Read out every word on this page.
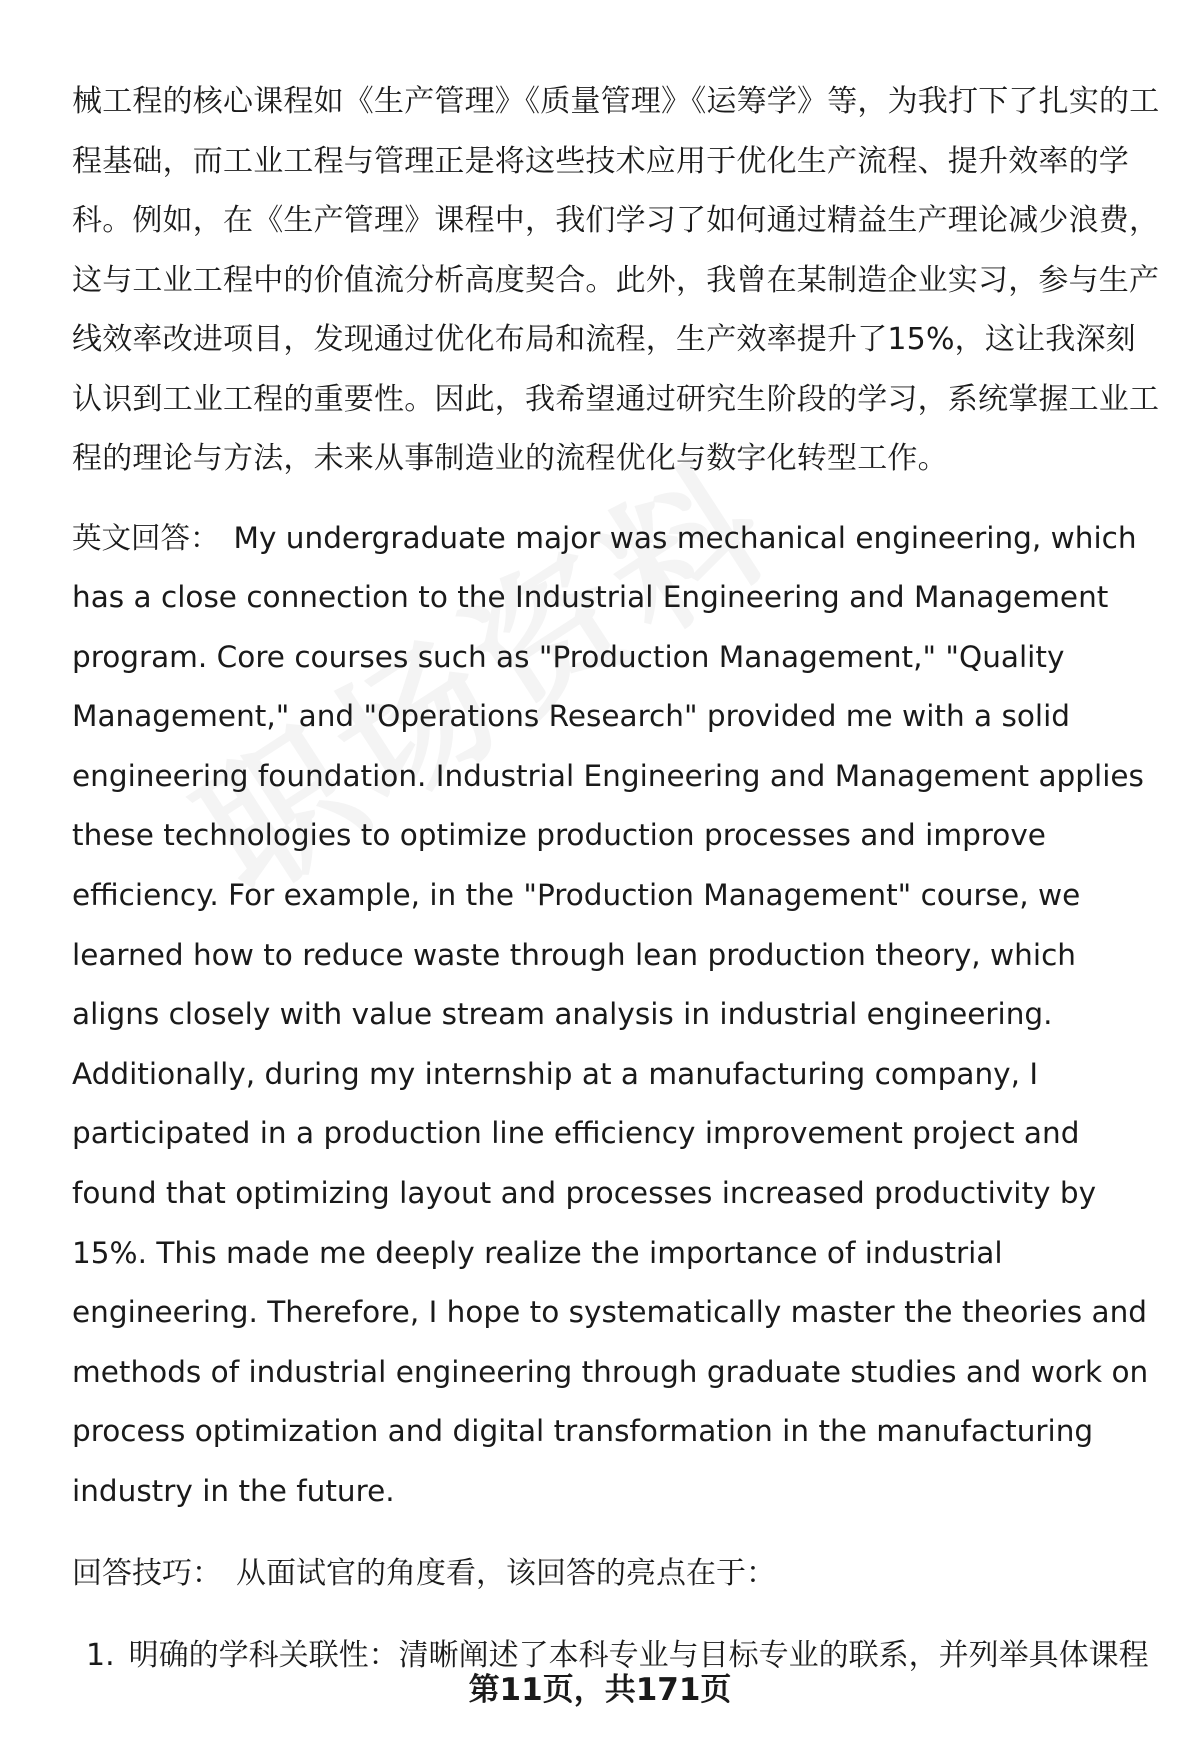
械工程的核心课程如《生产管理》《质量管理》《运筹学》等，为我打下了扎实的工程基础，而工业工程与管理正是将这些技术应用于优化生产流程、提升效率的学科。例如，在《生产管理》课程中，我们学习了如何通过精益生产理论减少浪费，这与工业工程中的价值流分析高度契合。此外，我曾在某制造企业实习，参与生产线效率改进项目，发现通过优化布局和流程，生产效率提升了15%，这让我深刻认识到工业工程的重要性。因此，我希望通过研究生阶段的学习，系统掌握工业工程的理论与方法，未来从事制造业的流程优化与数字化转型工作。

英文回答： My undergraduate major was mechanical engineering, which has a close connection to the Industrial Engineering and Management program. Core courses such as "Production Management," "Quality Management," and "Operations Research" provided me with a solid engineering foundation. Industrial Engineering and Management applies these technologies to optimize production processes and improve efficiency. For example, in the "Production Management" course, we learned how to reduce waste through lean production theory, which aligns closely with value stream analysis in industrial engineering. Additionally, during my internship at a manufacturing company, I participated in a production line efficiency improvement project and found that optimizing layout and processes increased productivity by 15%. This made me deeply realize the importance of industrial engineering. Therefore, I hope to systematically master the theories and methods of industrial engineering through graduate studies and work on process optimization and digital transformation in the manufacturing industry in the future.

回答技巧： 从面试官的角度看，该回答的亮点在于：

1. 明确的学科关联性：清晰阐述了本科专业与目标专业的联系，并列举具体课程
第11页，共171页
